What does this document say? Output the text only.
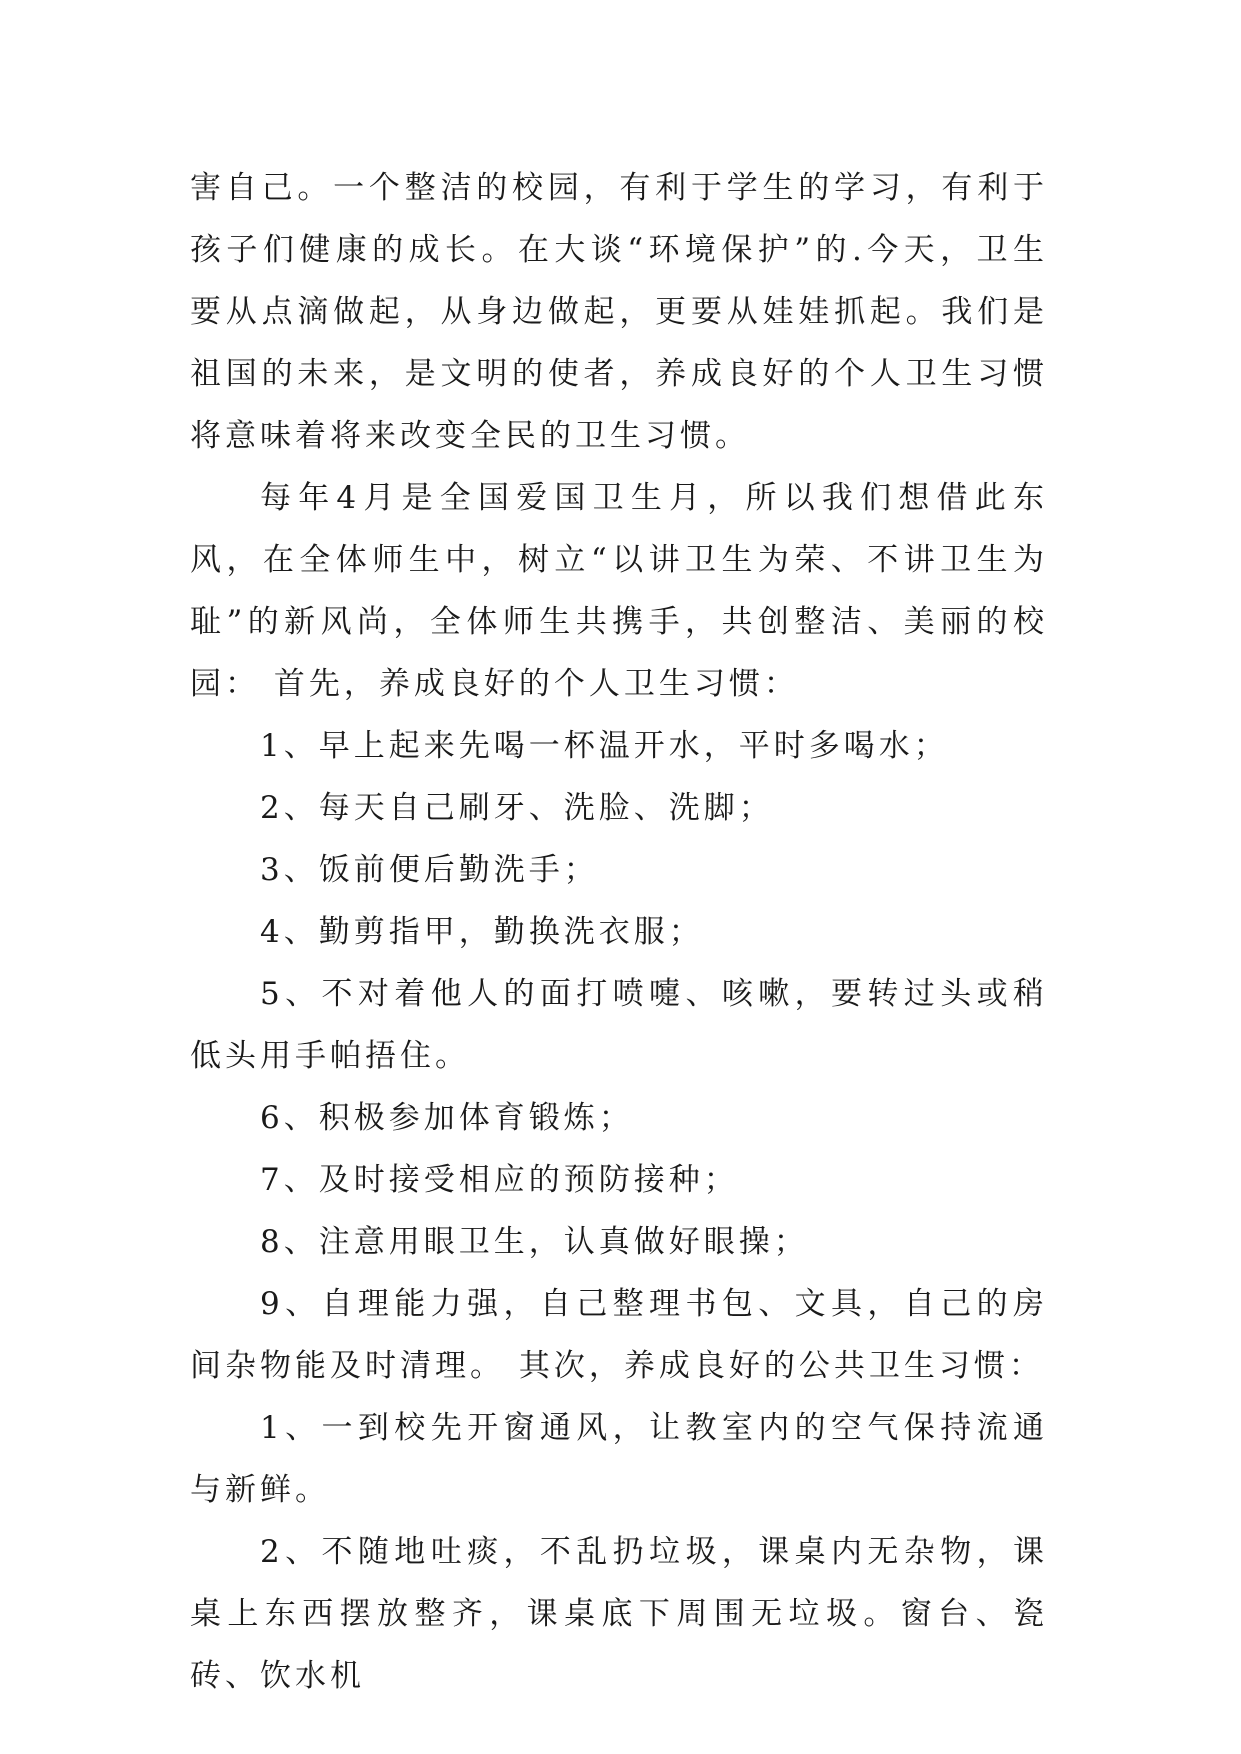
害自己。一个整洁的校园，有利于学生的学习，有利于孩子们健康的成长。在大谈“环境保护”的.今天，卫生要从点滴做起，从身边做起，更要从娃娃抓起。我们是祖国的未来，是文明的使者，养成良好的个人卫生习惯将意味着将来改变全民的卫生习惯。

每年4月是全国爱国卫生月，所以我们想借此东风，在全体师生中，树立“以讲卫生为荣、不讲卫生为耻”的新风尚，全体师生共携手，共创整洁、美丽的校园： 首先，养成良好的个人卫生习惯：

1、早上起来先喝一杯温开水，平时多喝水；

2、每天自己刷牙、洗脸、洗脚；

3、饭前便后勤洗手；

4、勤剪指甲，勤换洗衣服；

5、不对着他人的面打喷嚏、咳嗽，要转过头或稍低头用手帕捂住。

6、积极参加体育锻炼；

7、及时接受相应的预防接种；

8、注意用眼卫生，认真做好眼操；

9、自理能力强，自己整理书包、文具，自己的房间杂物能及时清理。 其次，养成良好的公共卫生习惯：

1、一到校先开窗通风，让教室内的空气保持流通与新鲜。

2、不随地吐痰，不乱扔垃圾，课桌内无杂物，课桌上东西摆放整齐，课桌底下周围无垃圾。窗台、瓷砖、饮水机
